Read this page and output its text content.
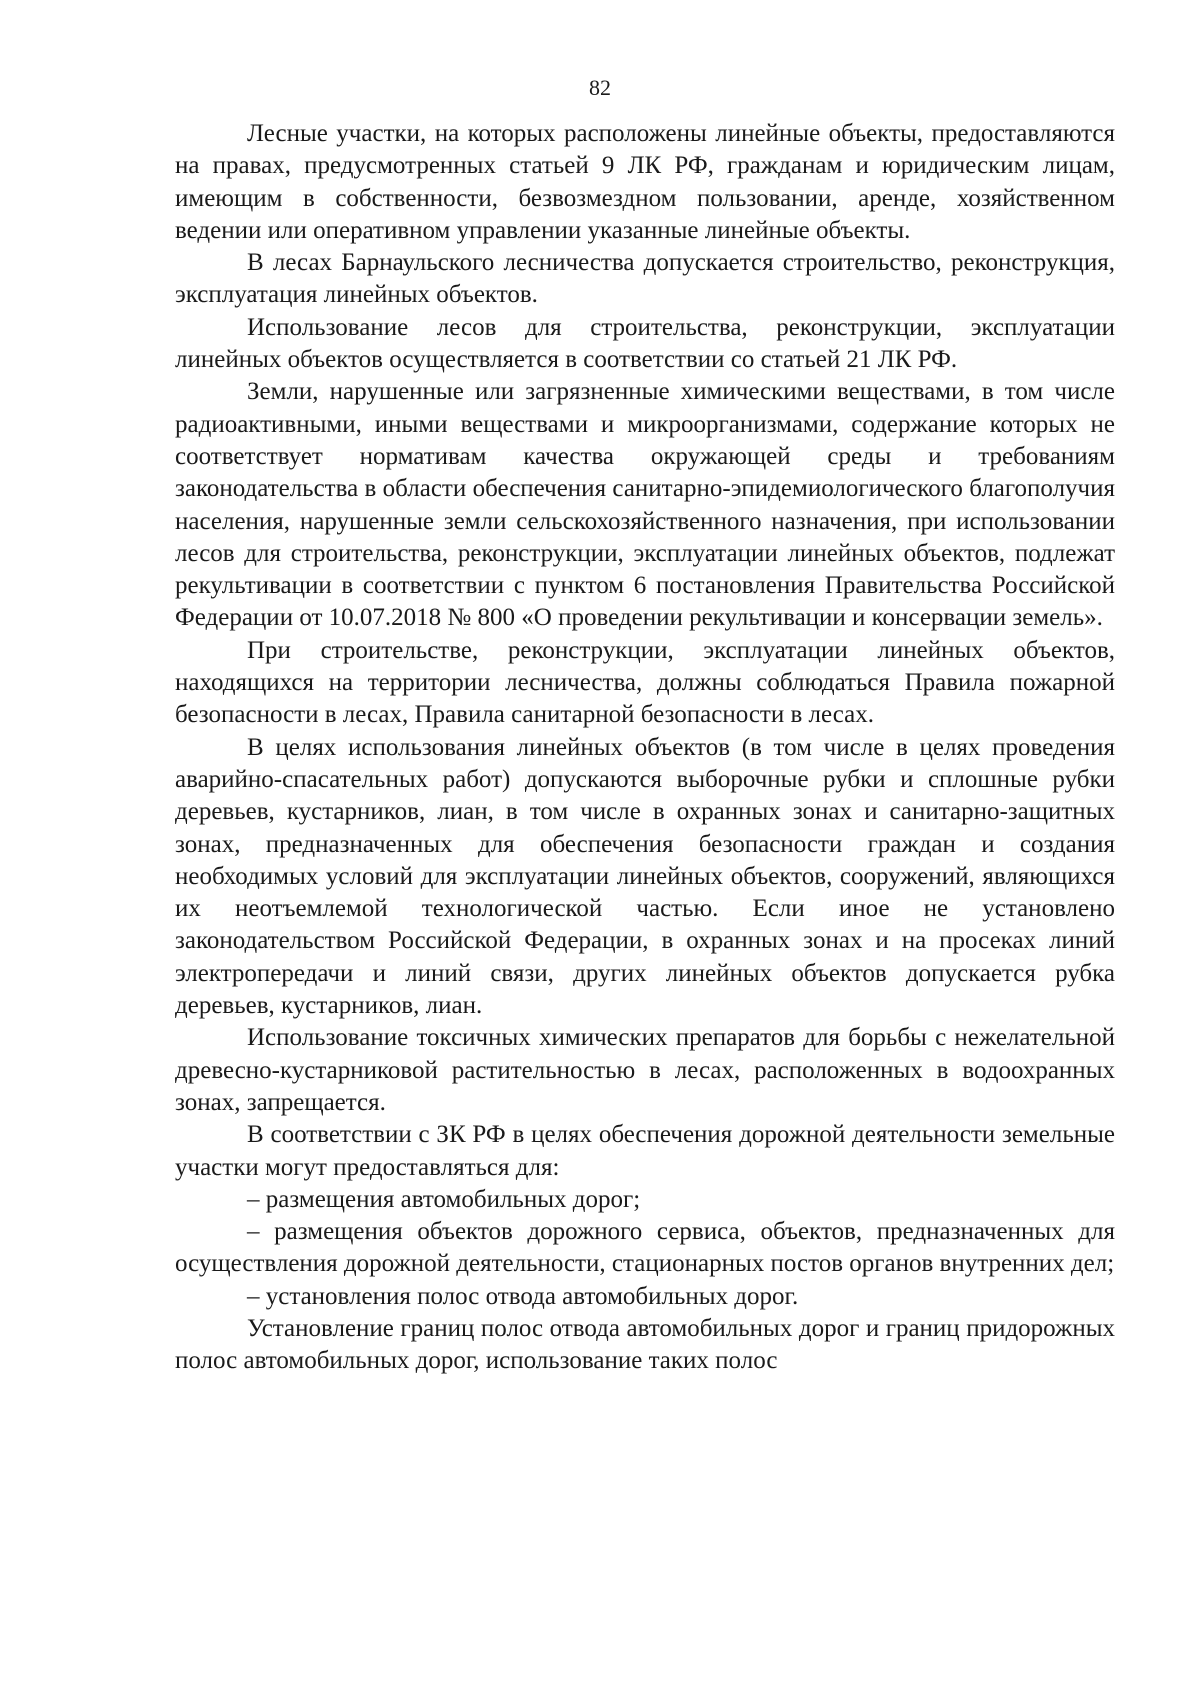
82

Лесные участки, на которых расположены линейные объекты, предоставляются на правах, предусмотренных статьей 9 ЛК РФ, гражданам и юридическим лицам, имеющим в собственности, безвозмездном пользовании, аренде, хозяйственном ведении или оперативном управлении указанные линейные объекты.

В лесах Барнаульского лесничества допускается строительство, реконструкция, эксплуатация линейных объектов.

Использование лесов для строительства, реконструкции, эксплуатации линейных объектов осуществляется в соответствии со статьей 21 ЛК РФ.

Земли, нарушенные или загрязненные химическими веществами, в том числе радиоактивными, иными веществами и микроорганизмами, содержание которых не соответствует нормативам качества окружающей среды и требованиям законодательства в области обеспечения санитарно-эпидемиологического благополучия населения, нарушенные земли сельскохозяйственного назначения, при использовании лесов для строительства, реконструкции, эксплуатации линейных объектов, подлежат рекультивации в соответствии с пунктом 6 постановления Правительства Российской Федерации от 10.07.2018 № 800 «О проведении рекультивации и консервации земель».

При строительстве, реконструкции, эксплуатации линейных объектов, находящихся на территории лесничества, должны соблюдаться Правила пожарной безопасности в лесах, Правила санитарной безопасности в лесах.

В целях использования линейных объектов (в том числе в целях проведения аварийно-спасательных работ) допускаются выборочные рубки и сплошные рубки деревьев, кустарников, лиан, в том числе в охранных зонах и санитарно-защитных зонах, предназначенных для обеспечения безопасности граждан и создания необходимых условий для эксплуатации линейных объектов, сооружений, являющихся их неотъемлемой технологической частью. Если иное не установлено законодательством Российской Федерации, в охранных зонах и на просеках линий электропередачи и линий связи, других линейных объектов допускается рубка деревьев, кустарников, лиан.

Использование токсичных химических препаратов для борьбы с нежелательной древесно-кустарниковой растительностью в лесах, расположенных в водоохранных зонах, запрещается.

В соответствии с ЗК РФ в целях обеспечения дорожной деятельности земельные участки могут предоставляться для:

– размещения автомобильных дорог;

– размещения объектов дорожного сервиса, объектов, предназначенных для осуществления дорожной деятельности, стационарных постов органов внутренних дел;

– установления полос отвода автомобильных дорог.

Установление границ полос отвода автомобильных дорог и границ придорожных полос автомобильных дорог, использование таких полос
